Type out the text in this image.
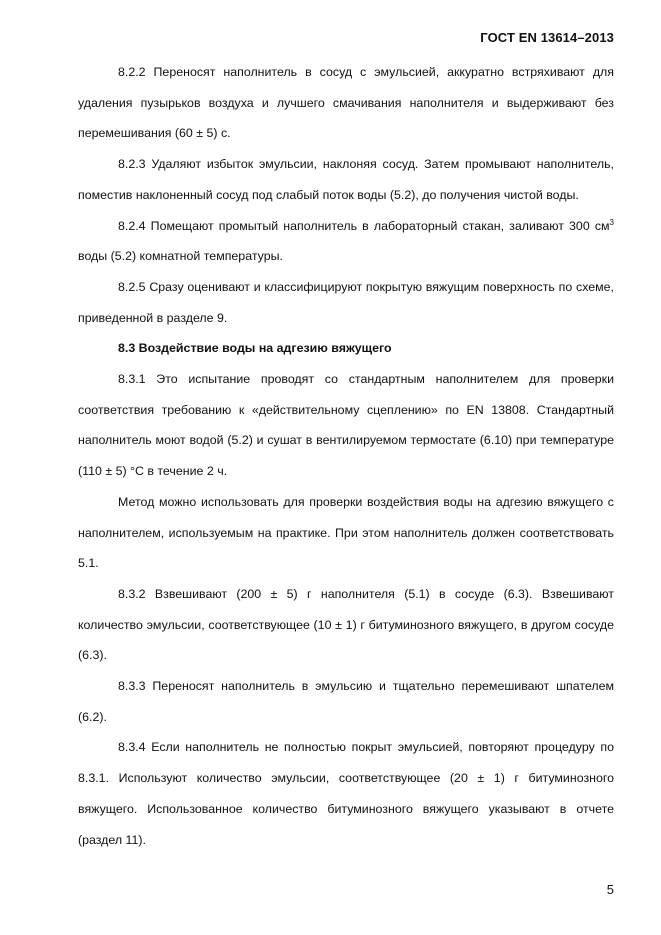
ГОСТ EN 13614–2013

8.2.2 Переносят наполнитель в сосуд с эмульсией, аккуратно встряхивают для удаления пузырьков воздуха и лучшего смачивания наполнителя и выдерживают без перемешивания (60 ± 5) с.

8.2.3 Удаляют избыток эмульсии, наклоняя сосуд. Затем промывают наполнитель, поместив наклоненный сосуд под слабый поток воды (5.2), до получения чистой воды.

8.2.4 Помещают промытый наполнитель в лабораторный стакан, заливают 300 $см^3$ воды (5.2) комнатной температуры.

8.2.5 Сразу оценивают и классифицируют покрытую вяжущим поверхность по схеме, приведенной в разделе 9.

8.3 Воздействие воды на адгезию вяжущего

8.3.1 Это испытание проводят со стандартным наполнителем для проверки соответствия требованию к «действительному сцеплению» по EN 13808. Стандартный наполнитель моют водой (5.2) и сушат в вентилируемом термостате (6.10) при температуре (110 ± 5) °С в течение 2 ч.

Метод можно использовать для проверки воздействия воды на адгезию вяжущего с наполнителем, используемым на практике. При этом наполнитель должен соответствовать 5.1.

8.3.2 Взвешивают (200 ± 5) г наполнителя (5.1) в сосуде (6.3). Взвешивают количество эмульсии, соответствующее (10 ± 1) г битуминозного вяжущего, в другом сосуде (6.3).

8.3.3 Переносят наполнитель в эмульсию и тщательно перемешивают шпателем (6.2).

8.3.4 Если наполнитель не полностью покрыт эмульсией, повторяют процедуру по 8.3.1. Используют количество эмульсии, соответствующее (20 ± 1) г битуминозного вяжущего. Использованное количество битуминозного вяжущего указывают в отчете (раздел 11).

5
